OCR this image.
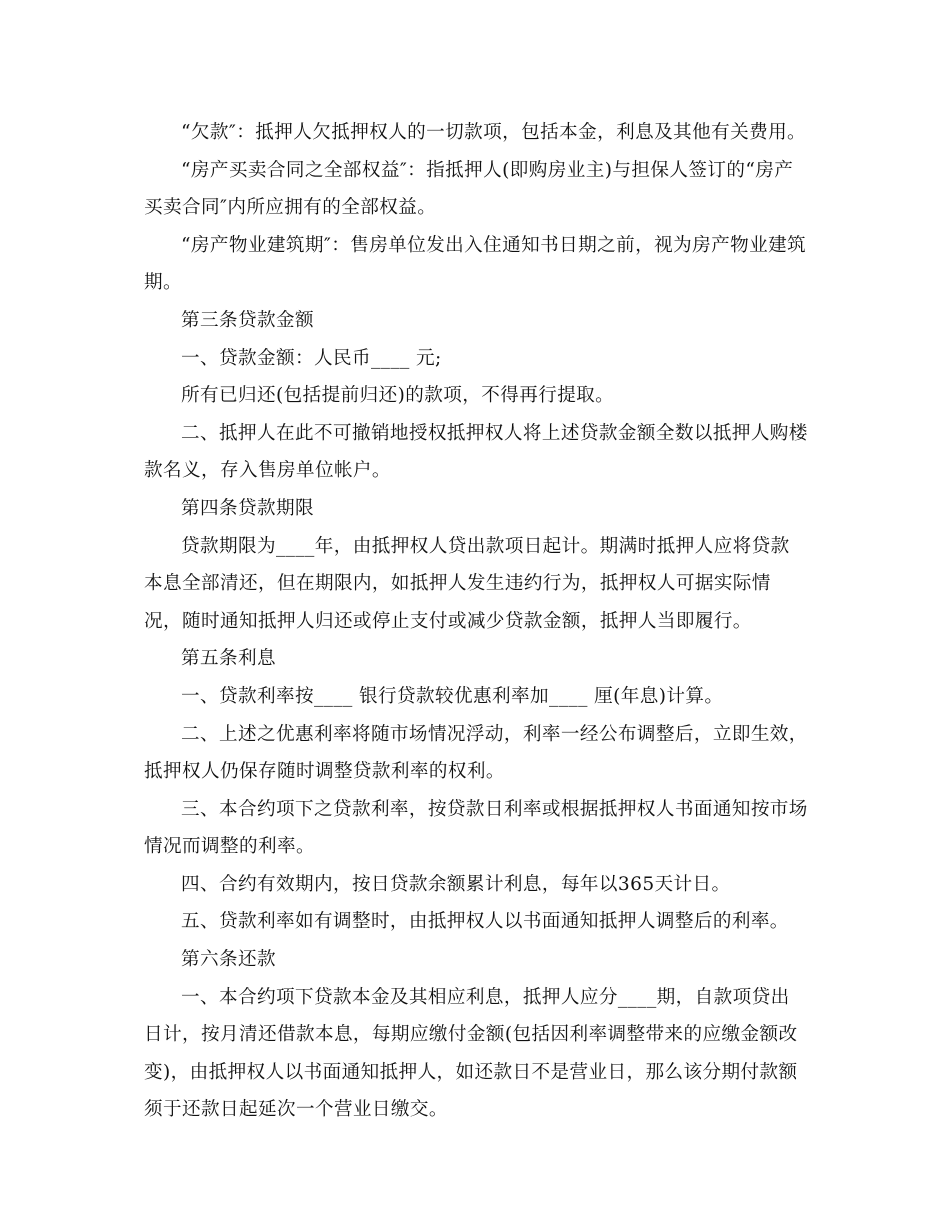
“欠款″：抵押人欠抵押权人的一切款项，包括本金，利息及其他有关费用。

“房产买卖合同之全部权益″：指抵押人(即购房业主)与担保人签订的“房产买卖合同″内所应拥有的全部权益。

“房产物业建筑期″：售房单位发出入住通知书日期之前，视为房产物业建筑期。

第三条贷款金额

一、贷款金额：人民币____ 元;

所有已归还(包括提前归还)的款项，不得再行提取。

二、抵押人在此不可撤销地授权抵押权人将上述贷款金额全数以抵押人购楼款名义，存入售房单位帐户。

第四条贷款期限

贷款期限为____年，由抵押权人贷出款项日起计。期满时抵押人应将贷款本息全部清还，但在期限内，如抵押人发生违约行为，抵押权人可据实际情况，随时通知抵押人归还或停止支付或减少贷款金额，抵押人当即履行。

第五条利息

一、贷款利率按____ 银行贷款较优惠利率加____ 厘(年息)计算。

二、上述之优惠利率将随市场情况浮动，利率一经公布调整后，立即生效，抵押权人仍保存随时调整贷款利率的权利。

三、本合约项下之贷款利率，按贷款日利率或根据抵押权人书面通知按市场情况而调整的利率。

四、合约有效期内，按日贷款余额累计利息，每年以365天计日。

五、贷款利率如有调整时，由抵押权人以书面通知抵押人调整后的利率。

第六条还款

一、本合约项下贷款本金及其相应利息，抵押人应分____期，自款项贷出日计，按月清还借款本息，每期应缴付金额(包括因利率调整带来的应缴金额改变)，由抵押权人以书面通知抵押人，如还款日不是营业日，那么该分期付款额须于还款日起延次一个营业日缴交。
